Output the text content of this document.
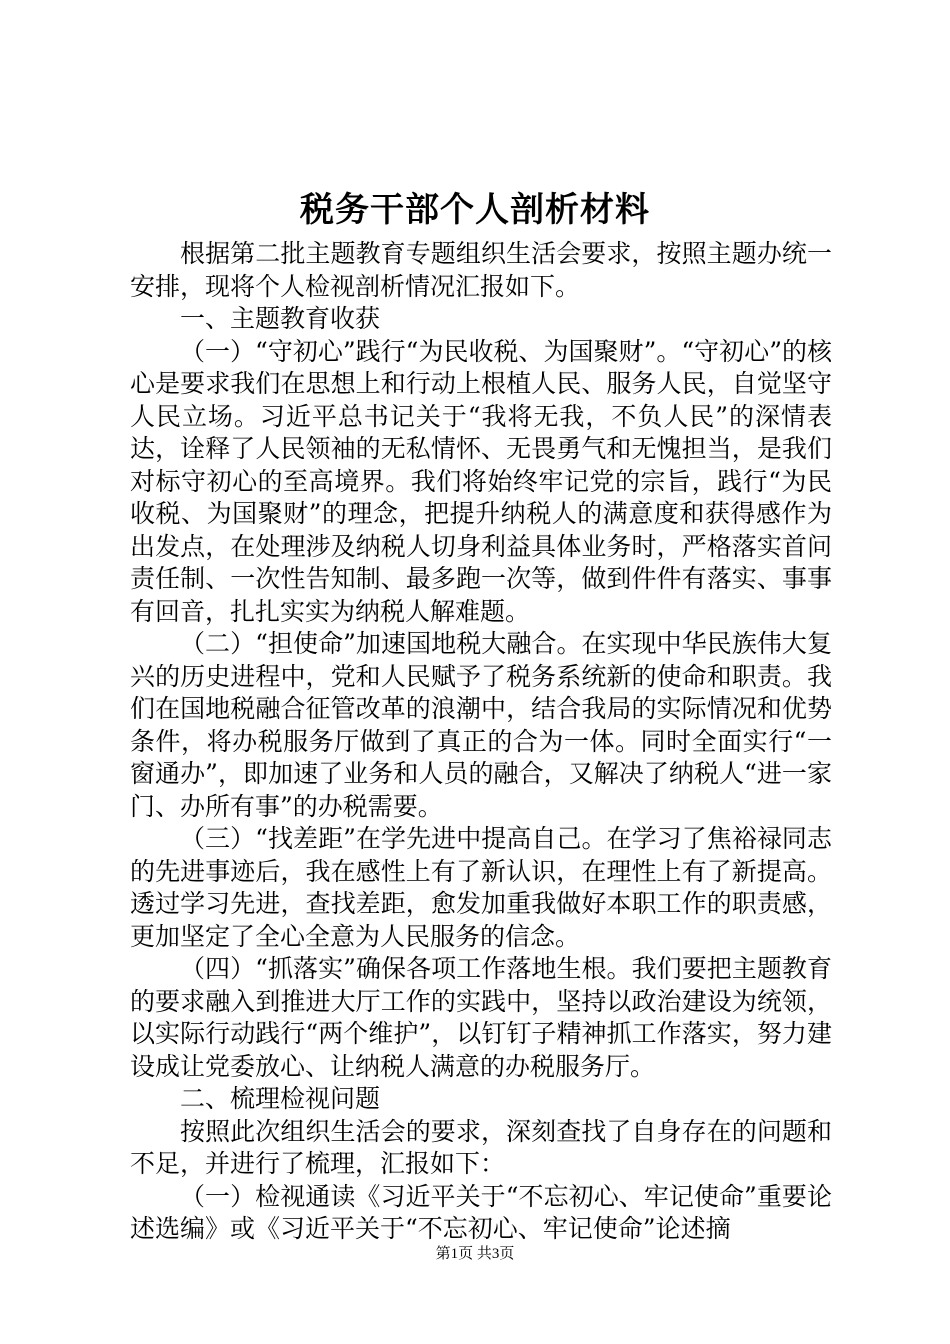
税务干部个人剖析材料

根据第二批主题教育专题组织生活会要求，按照主题办统一安排，现将个人检视剖析情况汇报如下。

一、主题教育收获

（一）“守初心”践行“为民收税、为国聚财”。“守初心”的核心是要求我们在思想上和行动上根植人民、服务人民，自觉坚守人民立场。习近平总书记关于“我将无我，不负人民”的深情表达，诠释了人民领袖的无私情怀、无畏勇气和无愧担当，是我们对标守初心的至高境界。我们将始终牢记党的宗旨，践行“为民收税、为国聚财”的理念，把提升纳税人的满意度和获得感作为出发点，在处理涉及纳税人切身利益具体业务时，严格落实首问责任制、一次性告知制、最多跑一次等，做到件件有落实、事事有回音，扎扎实实为纳税人解难题。

（二）“担使命”加速国地税大融合。在实现中华民族伟大复兴的历史进程中，党和人民赋予了税务系统新的使命和职责。我们在国地税融合征管改革的浪潮中，结合我局的实际情况和优势条件，将办税服务厅做到了真正的合为一体。同时全面实行“一窗通办”，即加速了业务和人员的融合，又解决了纳税人“进一家门、办所有事”的办税需要。

（三）“找差距”在学先进中提高自己。在学习了焦裕禄同志的先进事迹后，我在感性上有了新认识，在理性上有了新提高。透过学习先进，查找差距，愈发加重我做好本职工作的职责感，更加坚定了全心全意为人民服务的信念。

（四）“抓落实”确保各项工作落地生根。我们要把主题教育的要求融入到推进大厅工作的实践中，坚持以政治建设为统领，以实际行动践行“两个维护”，以钉钉子精神抓工作落实，努力建设成让党委放心、让纳税人满意的办税服务厅。

二、梳理检视问题

按照此次组织生活会的要求，深刻查找了自身存在的问题和不足，并进行了梳理，汇报如下：

（一）检视通读《习近平关于“不忘初心、牢记使命”重要论述选编》或《习近平关于“不忘初心、牢记使命”论述摘

第1页 共3页
